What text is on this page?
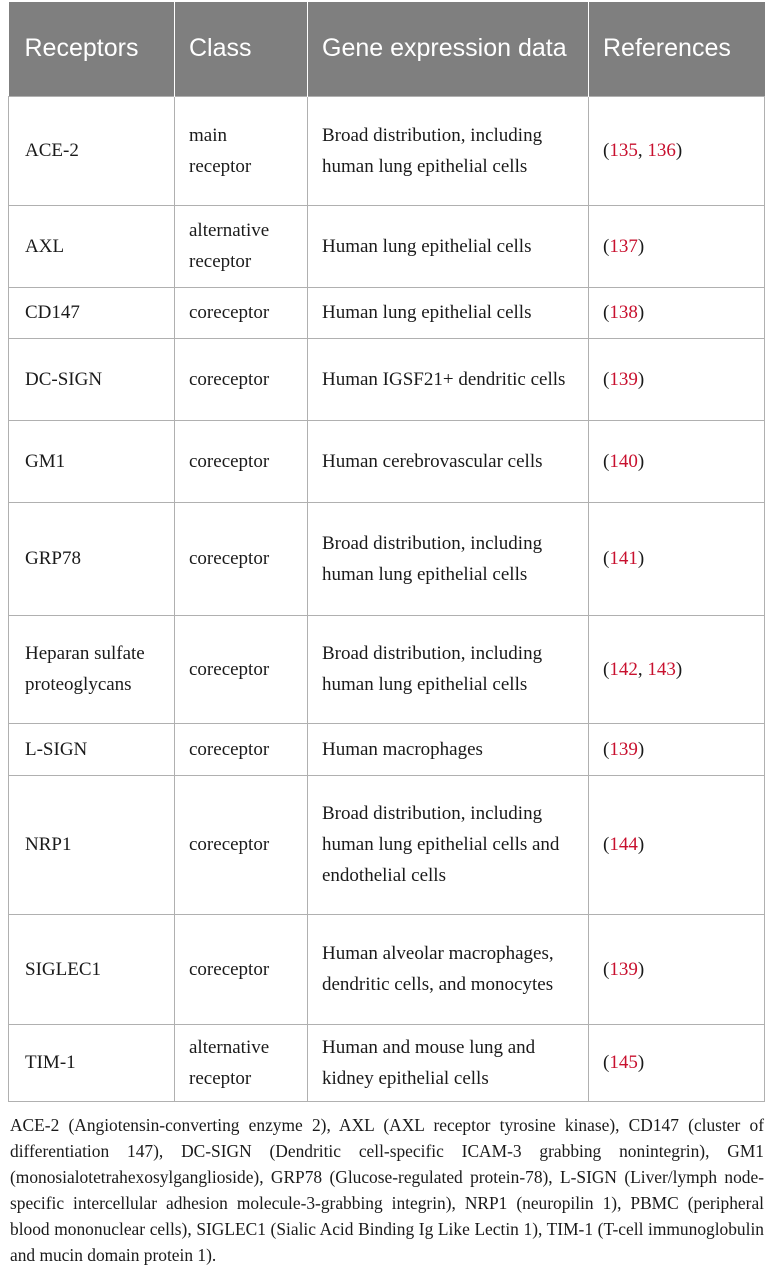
Receptors	Class	Gene expression data	References
ACE-2	main receptor	Broad distribution, including human lung epithelial cells	(135, 136)
AXL	alternative receptor	Human lung epithelial cells	(137)
CD147	coreceptor	Human lung epithelial cells	(138)
DC-SIGN	coreceptor	Human IGSF21+ dendritic cells	(139)
GM1	coreceptor	Human cerebrovascular cells	(140)
GRP78	coreceptor	Broad distribution, including human lung epithelial cells	(141)
Heparan sulfate proteoglycans	coreceptor	Broad distribution, including human lung epithelial cells	(142, 143)
L-SIGN	coreceptor	Human macrophages	(139)
NRP1	coreceptor	Broad distribution, including human lung epithelial cells and endothelial cells	(144)
SIGLEC1	coreceptor	Human alveolar macrophages, dendritic cells, and monocytes	(139)
TIM-1	alternative receptor	Human and mouse lung and kidney epithelial cells	(145)

ACE-2 (Angiotensin-converting enzyme 2), AXL (AXL receptor tyrosine kinase), CD147 (cluster of differentiation 147), DC-SIGN (Dendritic cell-specific ICAM-3 grabbing nonintegrin), GM1 (monosialotetrahexosylganglioside), GRP78 (Glucose-regulated protein-78), L-SIGN (Liver/lymph node-specific intercellular adhesion molecule-3-grabbing integrin), NRP1 (neuropilin 1), PBMC (peripheral blood mononuclear cells), SIGLEC1 (Sialic Acid Binding Ig Like Lectin 1), TIM-1 (T-cell immunoglobulin and mucin domain protein 1).
